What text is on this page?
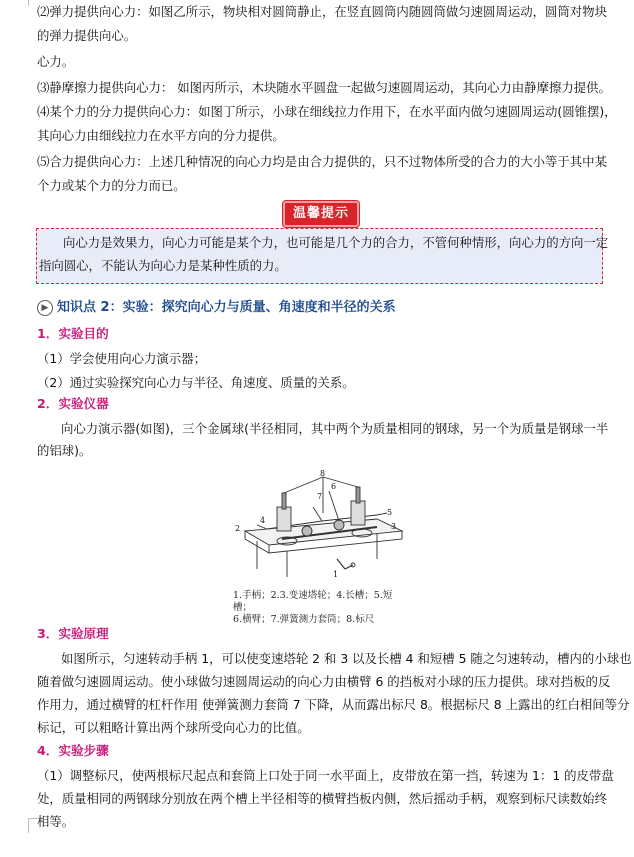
⑵弹力提供向心力：如图乙所示，物块相对圆筒静止，在竖直圆筒内随圆筒做匀速圆周运动，圆筒对物块

的弹力提供向心。

心力。

⑶静摩擦力提供向心力： 如图丙所示，木块随水平圆盘一起做匀速圆周运动，其向心力由静摩擦力提供。

⑷某个力的分力提供向心力：如图丁所示，小球在细线拉力作用下，在水平面内做匀速圆周运动(圆锥摆)，

其向心力由细线拉力在水平方向的分力提供。

⑸合力提供向心力：上述几种情况的向心力均是由合力提供的，只不过物体所受的合力的大小等于其中某

个力或某个力的分力而已。

温馨提示

向心力是效果力，向心力可能是某个力，也可能是几个力的合力，不管何种情形，向心力的方向一定

指向圆心，不能认为向心力是某种性质的力。

▶ 知识点 2：实验：探究向心力与质量、角速度和半径的关系
1．实验目的

（1）学会使用向心力演示器；

（2）通过实验探究向心力与半径、角速度、质量的关系。

2．实验仪器

向心力演示器(如图)，三个金属球(半径相同，其中两个为质量相同的钢球，另一个为质量是钢球一半

的铝球)。

8
6
7
4
2	3
5
1
1.手柄；2.3.变速塔轮；4.长槽；5.短槽；
6.横臂；7.弹簧测力套筒；8.标尺
3．实验原理

如图所示，匀速转动手柄 1，可以使变速塔轮 2 和 3 以及长槽 4 和短槽 5 随之匀速转动，槽内的小球也

随着做匀速圆周运动。使小球做匀速圆周运动的向心力由横臂 6 的挡板对小球的压力提供。球对挡板的反

作用力，通过横臂的杠杆作用 使弹簧测力套筒 7 下降，从而露出标尺 8。根据标尺 8 上露出的红白相间等分

标记，可以粗略计算出两个球所受向心力的比值。

4．实验步骤

（1）调整标尺，使两根标尺起点和套筒上口处于同一水平面上，皮带放在第一挡，转速为 1：1 的皮带盘

处，质量相同的两钢球分别放在两个槽上半径相等的横臂挡板内侧，然后摇动手柄，观察到标尺读数始终

相等。
